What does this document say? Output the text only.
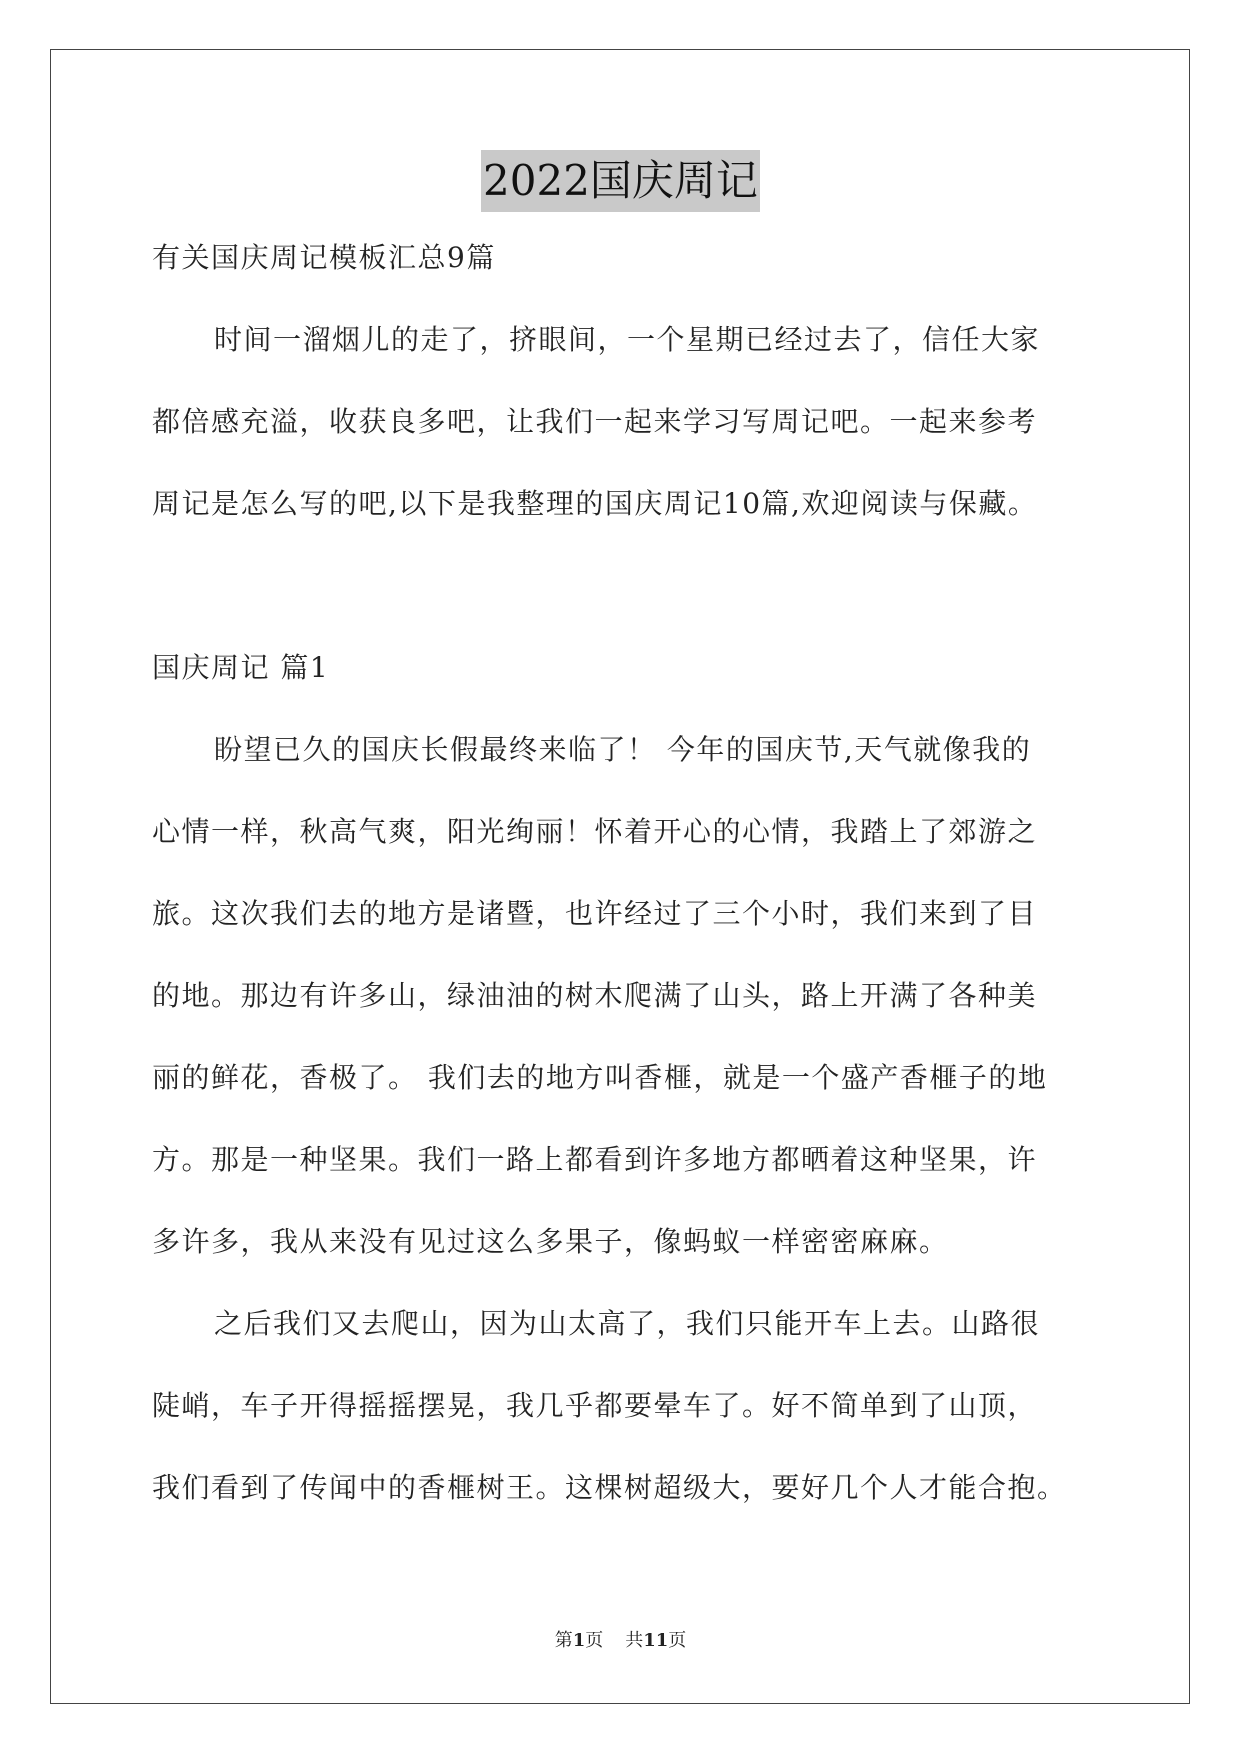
2022国庆周记
有关国庆周记模板汇总9篇
时间一溜烟儿的走了，挤眼间，一个星期已经过去了，信任大家
都倍感充溢，收获良多吧，让我们一起来学习写周记吧。一起来参考
周记是怎么写的吧,以下是我整理的国庆周记10篇,欢迎阅读与保藏。
国庆周记 篇1
盼望已久的国庆长假最终来临了！ 今年的国庆节,天气就像我的
心情一样，秋高气爽，阳光绚丽！怀着开心的心情，我踏上了郊游之
旅。这次我们去的地方是诸暨，也许经过了三个小时，我们来到了目
的地。那边有许多山，绿油油的树木爬满了山头，路上开满了各种美
丽的鲜花，香极了。 我们去的地方叫香榧，就是一个盛产香榧子的地
方。那是一种坚果。我们一路上都看到许多地方都晒着这种坚果，许
多许多，我从来没有见过这么多果子，像蚂蚁一样密密麻麻。
之后我们又去爬山，因为山太高了，我们只能开车上去。山路很
陡峭，车子开得摇摇摆晃，我几乎都要晕车了。好不简单到了山顶，
我们看到了传闻中的香榧树王。这棵树超级大，要好几个人才能合抱。
第1页 共11页
